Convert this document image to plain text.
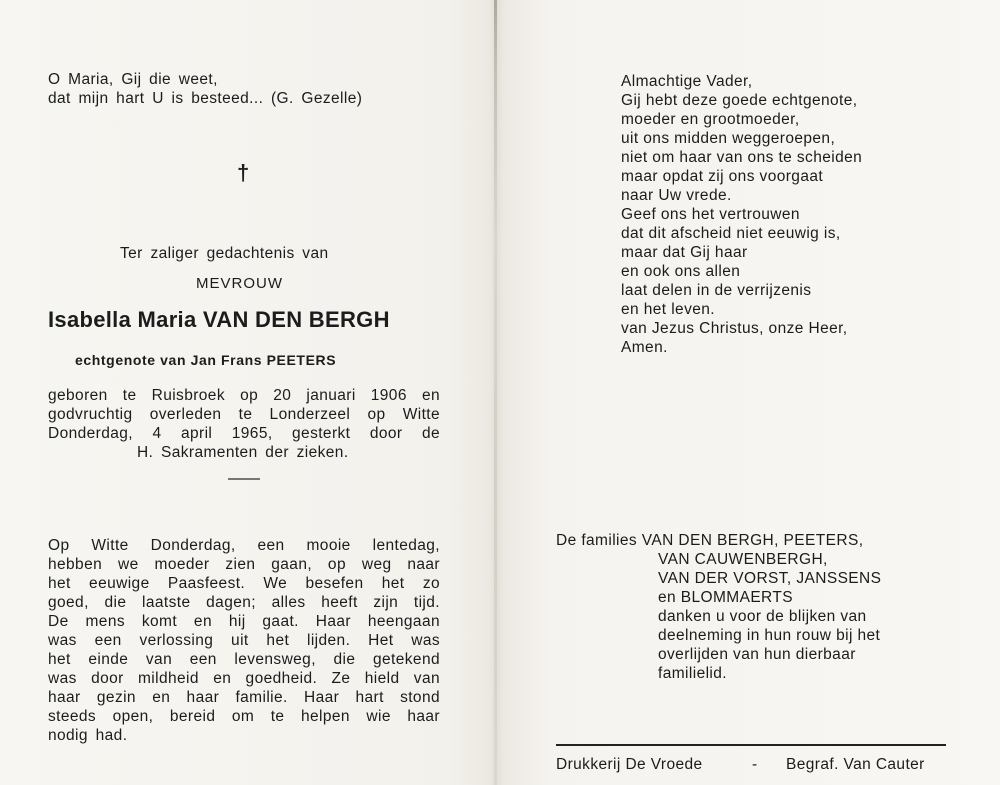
O Maria, Gij die weet,
dat mijn hart U is besteed... (G. Gezelle)
†
Ter zaliger gedachtenis van
MEVROUW
Isabella Maria VAN DEN BERGH
echtgenote van Jan Frans PEETERS
geboren te Ruisbroek op 20 januari 1906 en
godvruchtig overleden te Londerzeel op Witte
Donderdag, 4 april 1965, gesterkt door de
H. Sakramenten der zieken.
Op Witte Donderdag, een mooie lentedag,
hebben we moeder zien gaan, op weg naar
het eeuwige Paasfeest. We besefen het zo
goed, die laatste dagen; alles heeft zijn tijd.
De mens komt en hij gaat. Haar heengaan
was een verlossing uit het lijden. Het was
het einde van een levensweg, die getekend
was door mildheid en goedheid. Ze hield van
haar gezin en haar familie. Haar hart stond
steeds open, bereid om te helpen wie haar
nodig had.
Almachtige Vader,
Gij hebt deze goede echtgenote,
moeder en grootmoeder,
uit ons midden weggeroepen,
niet om haar van ons te scheiden
maar opdat zij ons voorgaat
naar Uw vrede.
Geef ons het vertrouwen
dat dit afscheid niet eeuwig is,
maar dat Gij haar
en ook ons allen
laat delen in de verrijzenis
en het leven.
van Jezus Christus, onze Heer,
Amen.
De families VAN DEN BERGH, PEETERS,
VAN CAUWENBERGH,
VAN DER VORST, JANSSENS
en BLOMMAERTS
danken u voor de blijken van
deelneming in hun rouw bij het
overlijden van hun dierbaar
familielid.
Drukkerij De Vroede	- Begraf. Van Cauter
